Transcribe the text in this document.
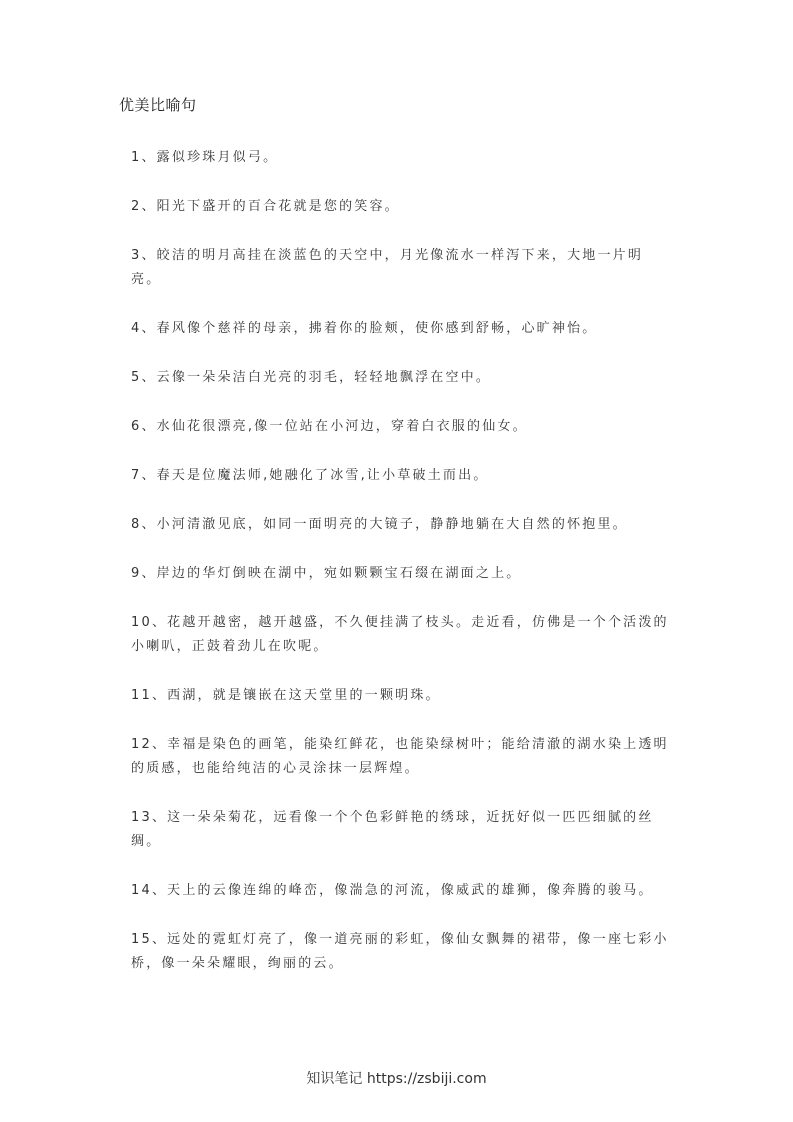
优美比喻句
1、露似珍珠月似弓。
2、阳光下盛开的百合花就是您的笑容。
3、皎洁的明月高挂在淡蓝色的天空中，月光像流水一样泻下来，大地一片明亮。
4、春风像个慈祥的母亲，拂着你的脸颊，使你感到舒畅，心旷神怡。
5、云像一朵朵洁白光亮的羽毛，轻轻地飘浮在空中。
6、水仙花很漂亮,像一位站在小河边，穿着白衣服的仙女。
7、春天是位魔法师,她融化了冰雪,让小草破土而出。
8、小河清澈见底，如同一面明亮的大镜子，静静地躺在大自然的怀抱里。
9、岸边的华灯倒映在湖中，宛如颗颗宝石缀在湖面之上。
10、花越开越密，越开越盛，不久便挂满了枝头。走近看，仿佛是一个个活泼的小喇叭，正鼓着劲儿在吹呢。
11、西湖，就是镶嵌在这天堂里的一颗明珠。
12、幸福是染色的画笔，能染红鲜花，也能染绿树叶；能给清澈的湖水染上透明的质感，也能给纯洁的心灵涂抹一层辉煌。
13、这一朵朵菊花，远看像一个个色彩鲜艳的绣球，近抚好似一匹匹细腻的丝绸。
14、天上的云像连绵的峰峦，像湍急的河流，像威武的雄狮，像奔腾的骏马。
15、远处的霓虹灯亮了，像一道亮丽的彩虹，像仙女飘舞的裙带，像一座七彩小桥，像一朵朵耀眼，绚丽的云。
知识笔记 https://zsbiji.com
